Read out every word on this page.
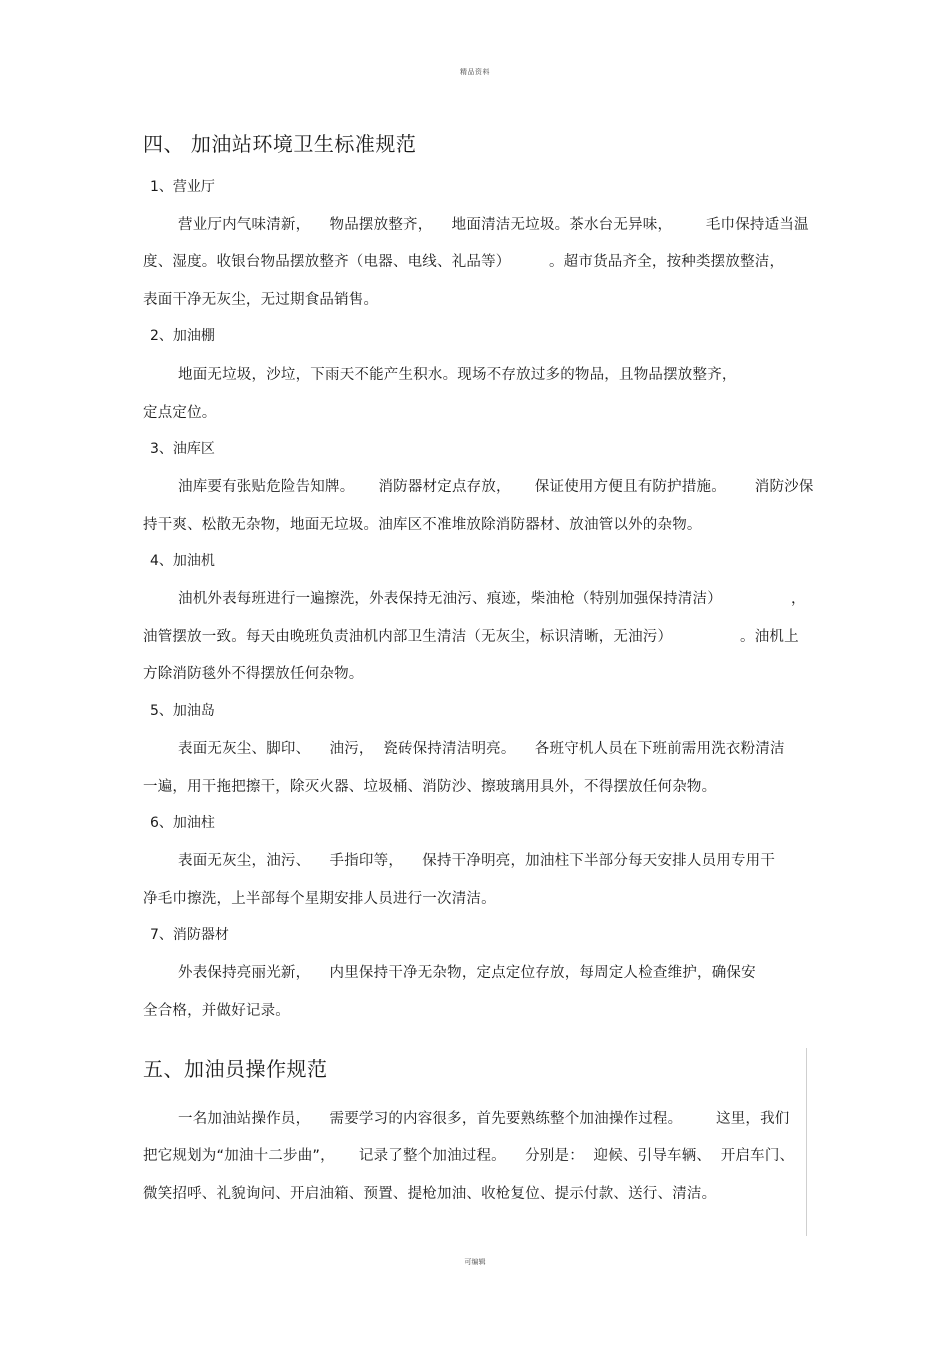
精品资料
四、 加油站环境卫生标准规范
1、营业厅
营业厅内气味清新，    物品摆放整齐，    地面清洁无垃圾。茶水台无异味，       毛巾保持适当温
度、湿度。收银台物品摆放整齐（电器、电线、礼品等）        。超市货品齐全，按种类摆放整洁，
表面干净无灰尘，无过期食品销售。
2、加油棚
地面无垃圾，沙垃，下雨天不能产生积水。现场不存放过多的物品，且物品摆放整齐，
定点定位。
3、油库区
油库要有张贴危险告知牌。     消防器材定点存放，     保证使用方便且有防护措施。      消防沙保
持干爽、松散无杂物，地面无垃圾。油库区不准堆放除消防器材、放油管以外的杂物。
4、加油机
油机外表每班进行一遍擦洗，外表保持无油污、痕迹，柴油枪（特别加强保持清洁）	，
油管摆放一致。每天由晚班负责油机内部卫生清洁（无灰尘，标识清晰，无油污）	。油机上
方除消防毯外不得摆放任何杂物。
5、加油岛
表面无灰尘、脚印、    油污，  瓷砖保持清洁明亮。    各班守机人员在下班前需用洗衣粉清洁
一遍，用干拖把擦干，除灭火器、垃圾桶、消防沙、擦玻璃用具外，不得摆放任何杂物。
6、加油柱
表面无灰尘，油污、    手指印等，    保持干净明亮，加油柱下半部分每天安排人员用专用干
净毛巾擦洗，上半部每个星期安排人员进行一次清洁。
7、消防器材
外表保持亮丽光新，    内里保持干净无杂物，定点定位存放，每周定人检查维护，确保安
全合格，并做好记录。
五、加油员操作规范
一名加油站操作员，    需要学习的内容很多，首先要熟练整个加油操作过程。       这里，我们
把它规划为“加油十二步曲”，     记录了整个加油过程。    分别是：  迎候、引导车辆、  开启车门、
微笑招呼、礼貌询问、开启油箱、预置、提枪加油、收枪复位、提示付款、送行、清洁。
可编辑
